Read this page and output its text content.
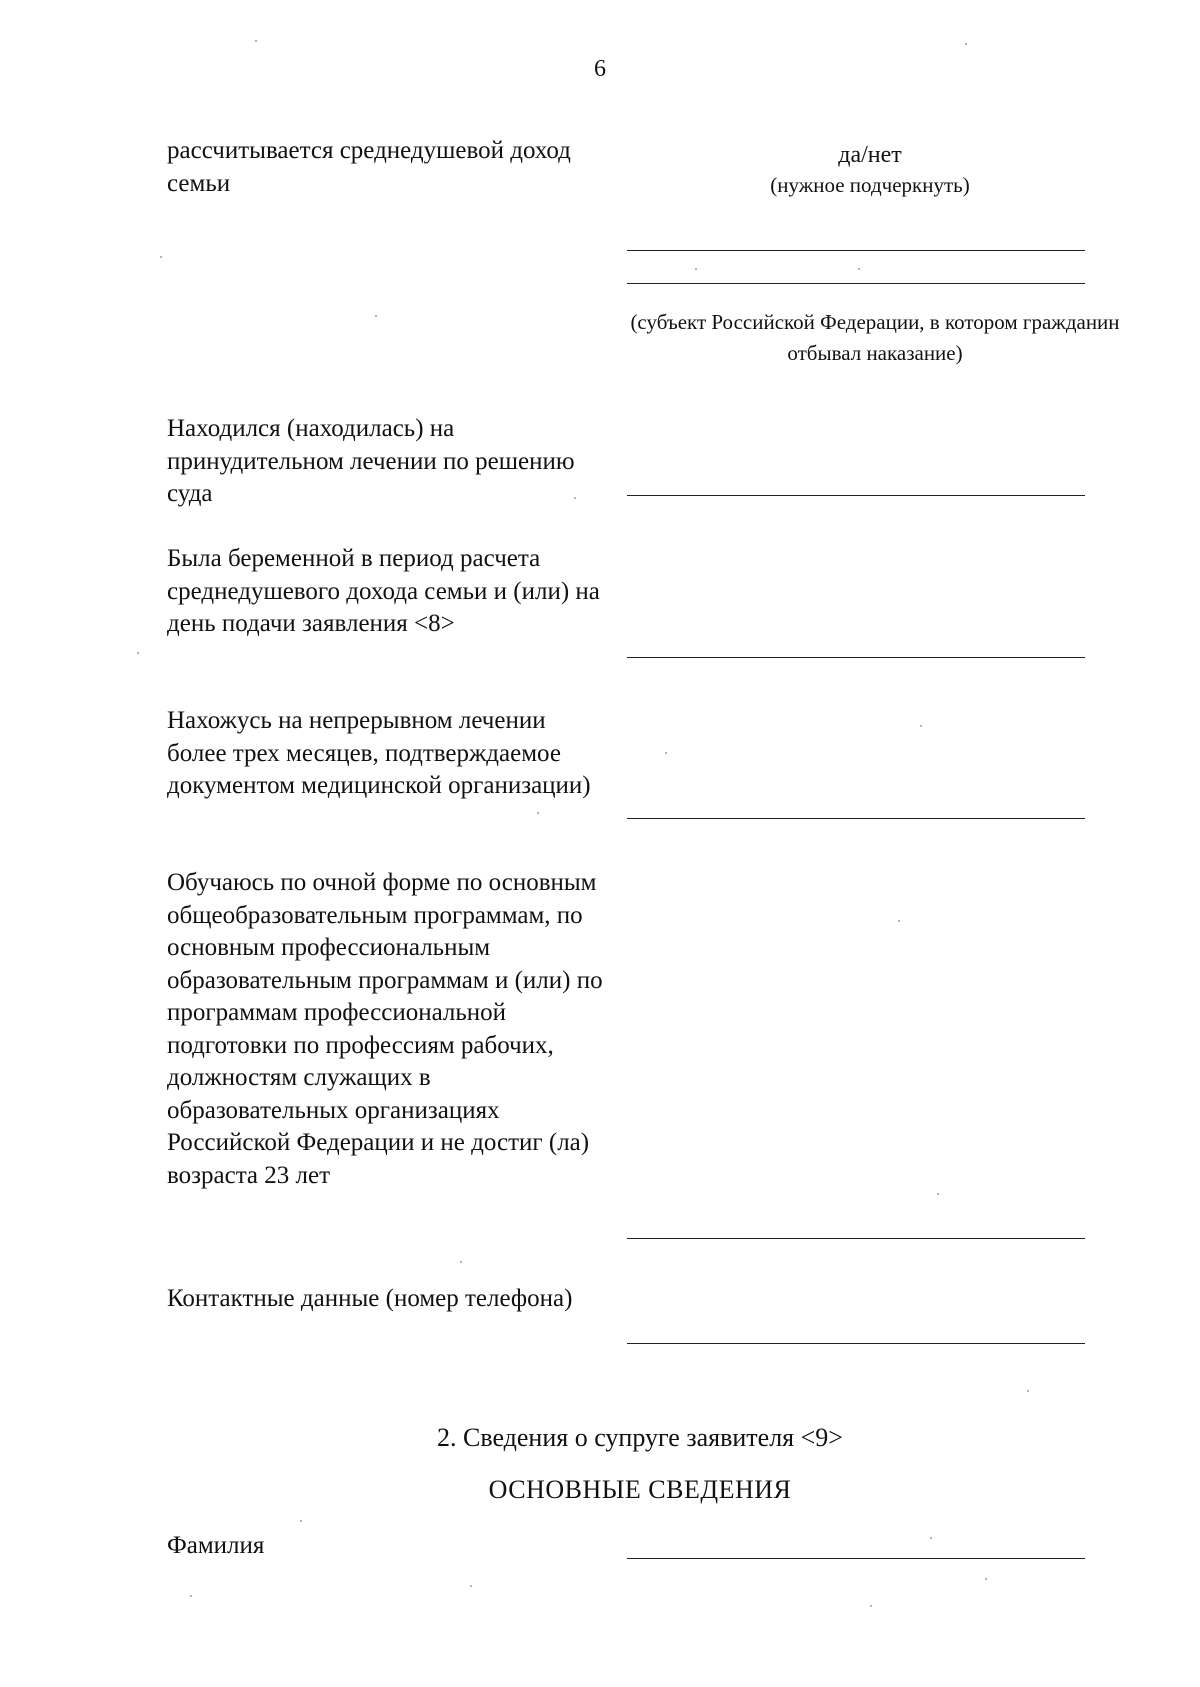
6
рассчитывается среднедушевой доход семьи
да/нет
(нужное подчеркнуть)
(субъект Российской Федерации, в котором гражданин отбывал наказание)
Находился (находилась) на принудительном лечении по решению суда
Была беременной в период расчета среднедушевого дохода семьи и (или) на день подачи заявления <8>
Нахожусь на непрерывном лечении более трех месяцев, подтверждаемое документом медицинской организации)
Обучаюсь по очной форме по основным общеобразовательным программам, по основным профессиональным образовательным программам и (или) по программам профессиональной подготовки по профессиям рабочих, должностям служащих в образовательных организациях Российской Федерации и не достиг (ла) возраста 23 лет
Контактные данные (номер телефона)
2. Сведения о супруге заявителя <9>
ОСНОВНЫЕ СВЕДЕНИЯ
Фамилия
